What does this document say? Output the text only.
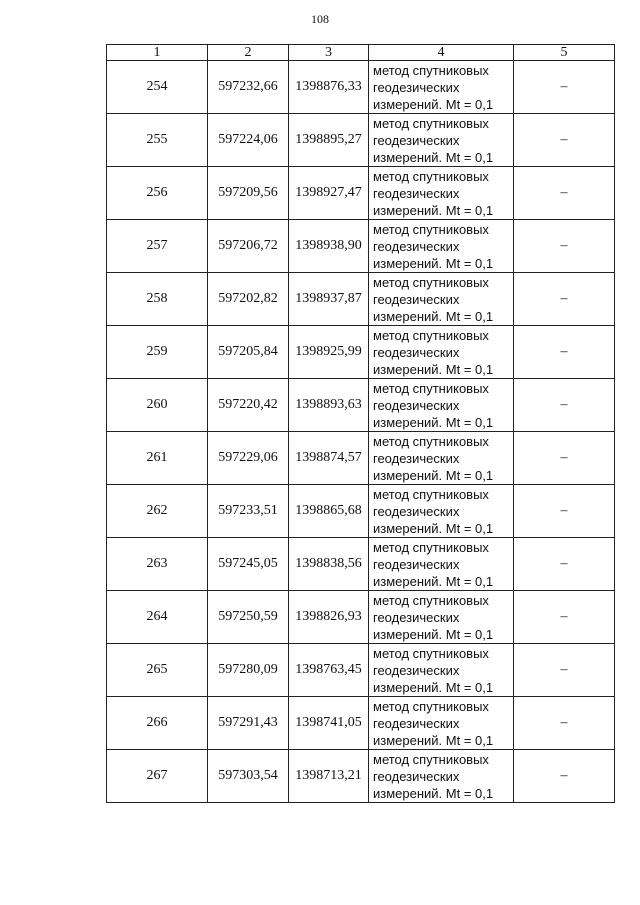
108
1	2	3	4	5
254	597232,66	1398876,33	метод спутниковых
геодезических
измерений. Mt = 0,1	–
255	597224,06	1398895,27	метод спутниковых
геодезических
измерений. Mt = 0,1	–
256	597209,56	1398927,47	метод спутниковых
геодезических
измерений. Mt = 0,1	–
257	597206,72	1398938,90	метод спутниковых
геодезических
измерений. Mt = 0,1	–
258	597202,82	1398937,87	метод спутниковых
геодезических
измерений. Mt = 0,1	–
259	597205,84	1398925,99	метод спутниковых
геодезических
измерений. Mt = 0,1	–
260	597220,42	1398893,63	метод спутниковых
геодезических
измерений. Mt = 0,1	–
261	597229,06	1398874,57	метод спутниковых
геодезических
измерений. Mt = 0,1	–
262	597233,51	1398865,68	метод спутниковых
геодезических
измерений. Mt = 0,1	–
263	597245,05	1398838,56	метод спутниковых
геодезических
измерений. Mt = 0,1	–
264	597250,59	1398826,93	метод спутниковых
геодезических
измерений. Mt = 0,1	–
265	597280,09	1398763,45	метод спутниковых
геодезических
измерений. Mt = 0,1	–
266	597291,43	1398741,05	метод спутниковых
геодезических
измерений. Mt = 0,1	–
267	597303,54	1398713,21	метод спутниковых
геодезических
измерений. Mt = 0,1	–
